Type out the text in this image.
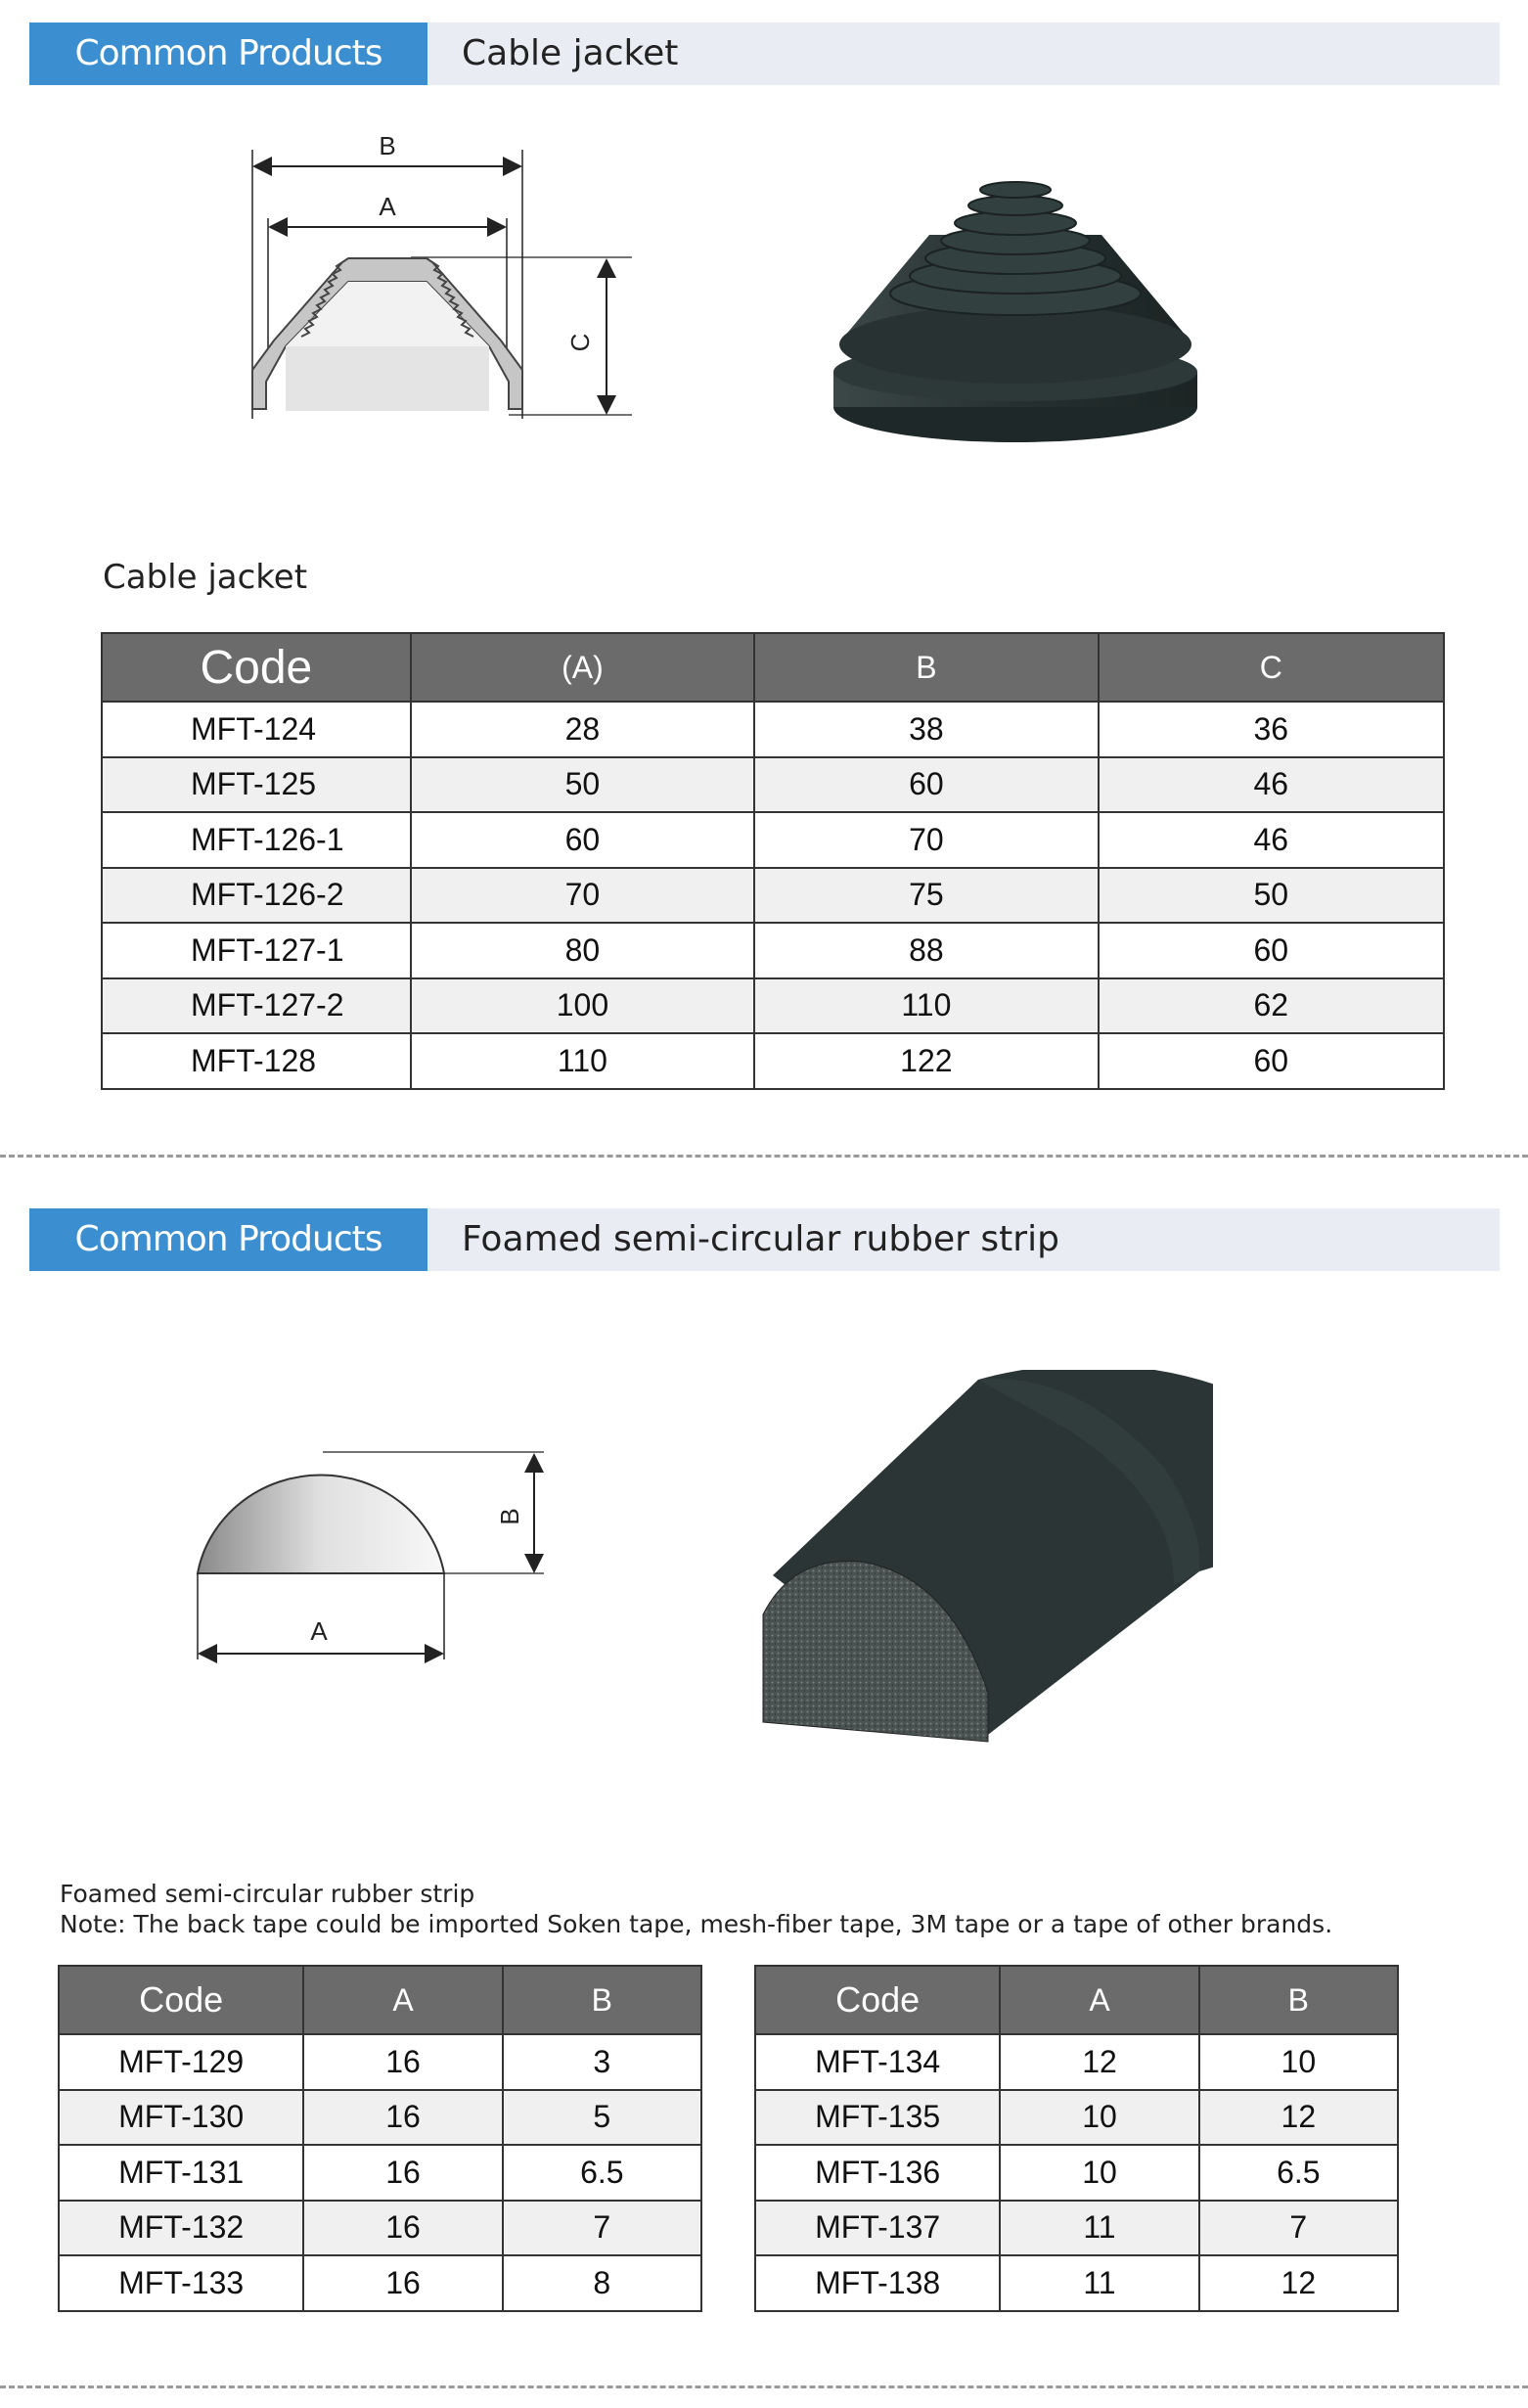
Common Products	Cable jacket
B
A
C
Cable jacket
Code	(A)	B	C
MFT-124	28	38	36
MFT-125	50	60	46
MFT-126-1	60	70	46
MFT-126-2	70	75	50
MFT-127-1	80	88	60
MFT-127-2	100	110	62
MFT-128	110	122	60
Common Products	Foamed semi-circular rubber strip
A
B
Foamed semi-circular rubber strip
Note: The back tape could be imported Soken tape, mesh-fiber tape, 3M tape or a tape of other brands.
Code	A	B
MFT-129	16	3
MFT-130	16	5
MFT-131	16	6.5
MFT-132	16	7
MFT-133	16	8
Code	A	B
MFT-134	12	10
MFT-135	10	12
MFT-136	10	6.5
MFT-137	11	7
MFT-138	11	12
